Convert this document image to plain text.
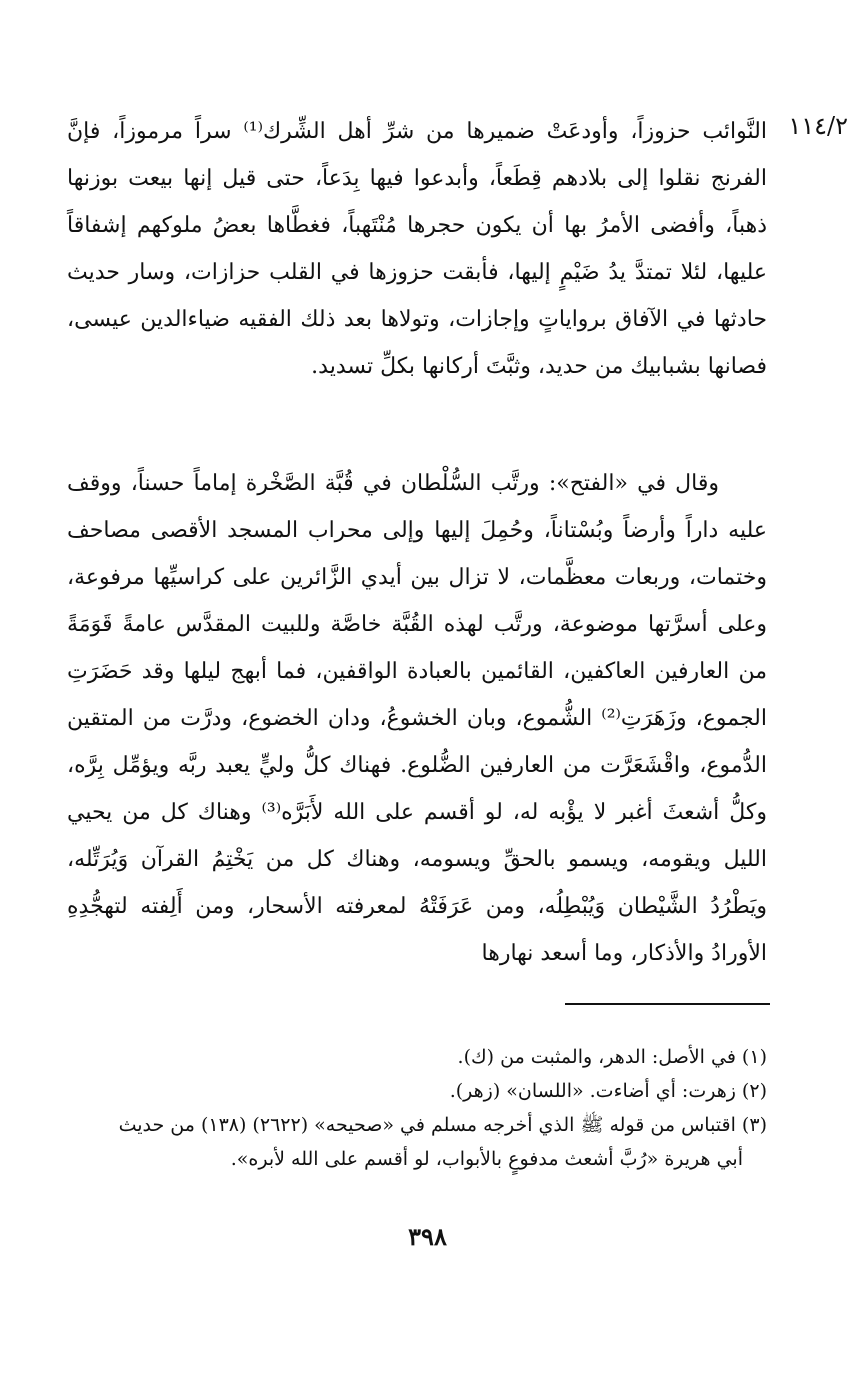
١١٤/٢

النَّوائب حزوزاً، وأودعَتْ ضميرها من شرِّ أهل الشِّرك⁽¹⁾ سراً مرموزاً، فإنَّ الفرنج نقلوا إلى بلادهم قِطَعاً، وأبدعوا فيها بِدَعاً، حتى قيل إنها بيعت بوزنها ذهباً، وأفضى الأمرُ بها أن يكون حجرها مُنْتَهباً، فغطَّاها بعضُ ملوكهم إشفاقاً عليها، لئلا تمتدَّ يدُ ضَيْمٍ إليها، فأبقت حزوزها في القلب حزازات، وسار حديث حادثها في الآفاق برواياتٍ وإجازات، وتولاها بعد ذلك الفقيه ضياءالدين عيسى، فصانها بشبابيك من حديد، وثبَّتَ أركانها بكلِّ تسديد.

وقال في «الفتح»: ورتَّب السُّلْطان في قُبَّة الصَّخْرة إماماً حسناً، ووقف عليه داراً وأرضاً وبُسْتاناً، وحُمِلَ إليها وإلى محراب المسجد الأقصى مصاحف وختمات، وربعات معظَّمات، لا تزال بين أيدي الزَّائرين على كراسيِّها مرفوعة، وعلى أسرَّتها موضوعة، ورتَّب لهذه القُبَّة خاصَّة وللبيت المقدَّس عامةً قَوَمَةً من العارفين العاكفين، القائمين بالعبادة الواقفين، فما أبهج ليلها وقد حَضَرَتِ الجموع، وزَهَرَتِ⁽²⁾ الشُّموع، وبان الخشوعُ، ودان الخضوع، ودرَّت من المتقين الدُّموع، واقْشَعَرَّت من العارفين الضُّلوع. فهناك كلُّ وليٍّ يعبد ربَّه ويؤمِّل بِرَّه، وكلُّ أشعثَ أغبر لا يؤْبه له، لو أقسم على الله لأَبَرَّه⁽³⁾ وهناك كل من يحيي الليل ويقومه، ويسمو بالحقِّ ويسومه، وهناك كل من يَخْتِمُ القرآن وَيُرَتِّله، ويَطْرُدُ الشَّيْطان وَيُبْطِلُه، ومن عَرَفَتْهُ لمعرفته الأسحار، ومن أَلِفته لتهجُّدِهِ الأورادُ والأذكار، وما أسعد نهارها

(١) في الأصل: الدهر، والمثبت من (ك).

(٢) زهرت: أي أضاءت. «اللسان» (زهر).

(٣) اقتباس من قوله ﷺ الذي أخرجه مسلم في «صحيحه» (٢٦٢٢) (١٣٨) من حديث

أبي هريرة «رُبَّ أشعث مدفوعٍ بالأبواب، لو أقسم على الله لأبره».

٣٩٨
